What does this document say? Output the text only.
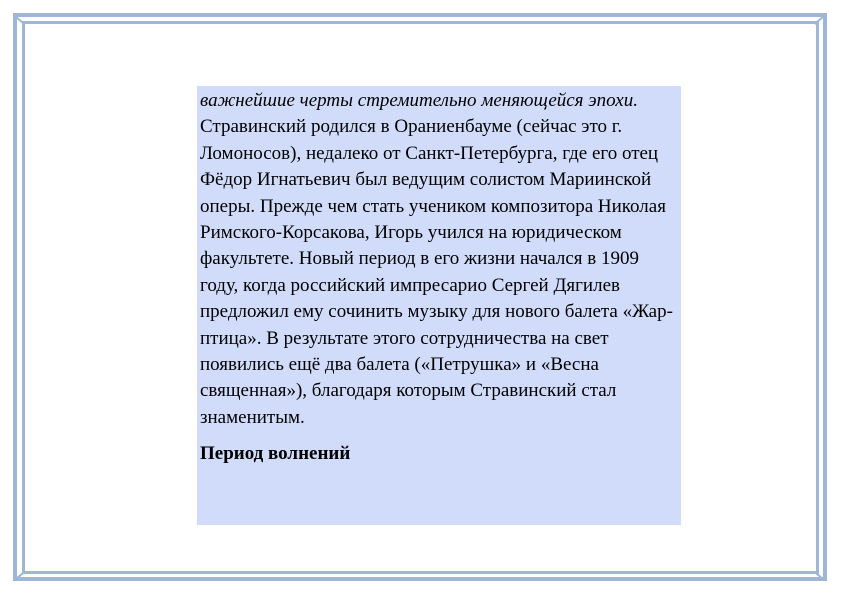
важнейшие черты стремительно меняющейся эпохи.

Стравинский родился в Ораниенбауме (сейчас это г. Ломоносов), недалеко от Санкт-Петербурга, где его отец Фёдор Игнатьевич был ведущим солистом Мариинской оперы. Прежде чем стать учеником композитора Николая Римского-Корсакова, Игорь учился на юридическом факультете. Новый период в его жизни начался в 1909 году, когда российский импресарио Сергей Дягилев предложил ему сочинить музыку для нового балета «Жар-птица». В результате этого сотрудничества на свет появились ещё два балета («Петрушка» и «Весна священная»), благодаря которым Стравинский стал знаменитым.

Период волнений
